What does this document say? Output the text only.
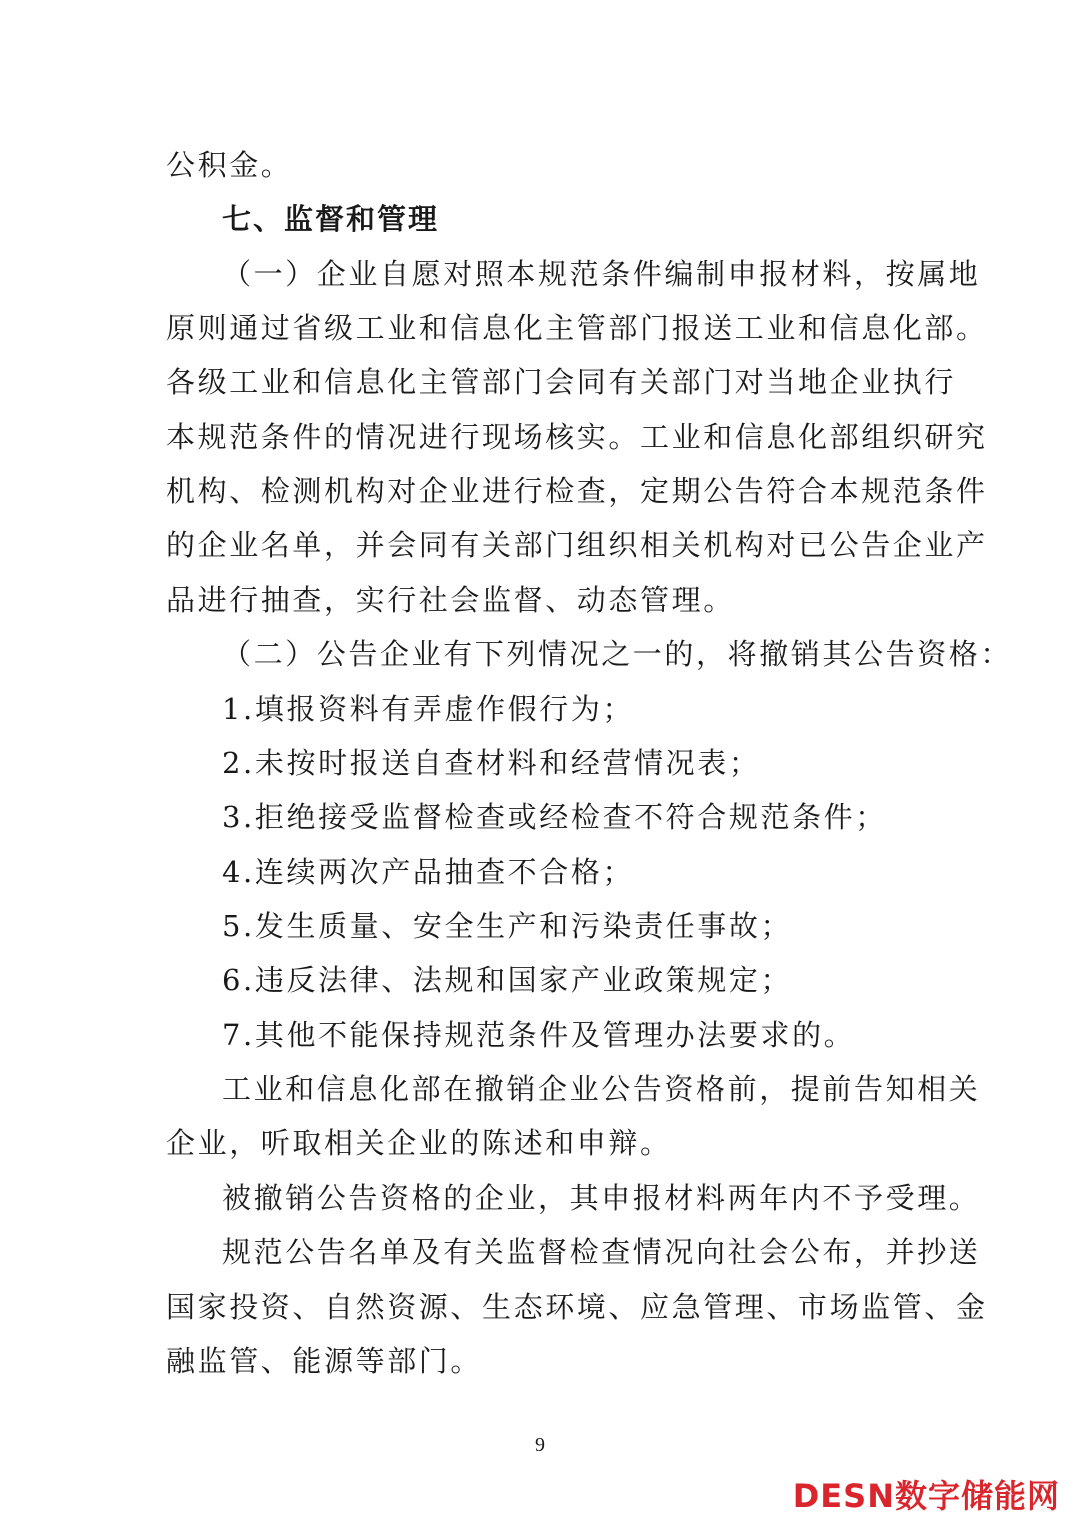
公积金。
七、监督和管理
（一）企业自愿对照本规范条件编制申报材料，按属地
原则通过省级工业和信息化主管部门报送工业和信息化部。
各级工业和信息化主管部门会同有关部门对当地企业执行
本规范条件的情况进行现场核实。工业和信息化部组织研究
机构、检测机构对企业进行检查，定期公告符合本规范条件
的企业名单，并会同有关部门组织相关机构对已公告企业产
品进行抽查，实行社会监督、动态管理。
（二）公告企业有下列情况之一的，将撤销其公告资格：
1.填报资料有弄虚作假行为；
2.未按时报送自查材料和经营情况表；
3.拒绝接受监督检查或经检查不符合规范条件；
4.连续两次产品抽查不合格；
5.发生质量、安全生产和污染责任事故；
6.违反法律、法规和国家产业政策规定；
7.其他不能保持规范条件及管理办法要求的。
工业和信息化部在撤销企业公告资格前，提前告知相关
企业，听取相关企业的陈述和申辩。
被撤销公告资格的企业，其申报材料两年内不予受理。
规范公告名单及有关监督检查情况向社会公布，并抄送
国家投资、自然资源、生态环境、应急管理、市场监管、金
融监管、能源等部门。
9
DESN数字储能网
